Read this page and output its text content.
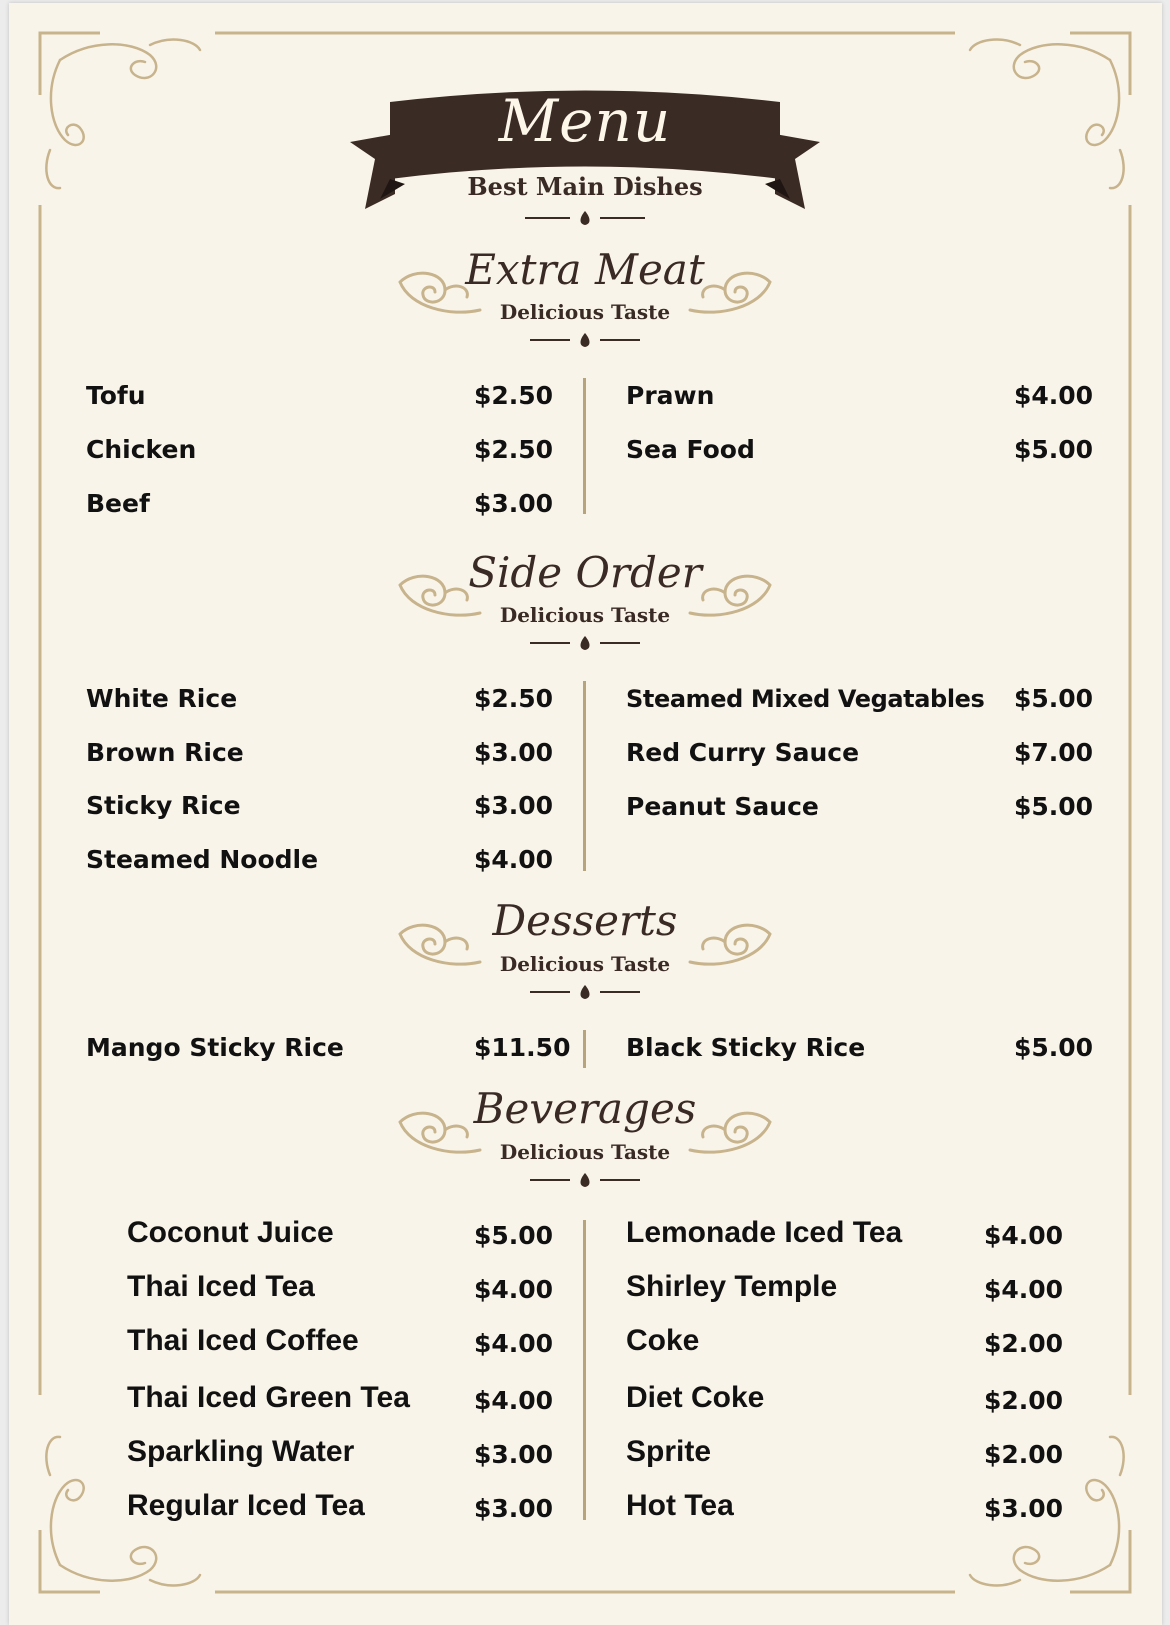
Menu
Best Main Dishes
Extra Meat
Delicious Taste
Tofu	$2.50
Chicken	$2.50
Beef	$3.00
Prawn	$4.00
Sea Food	$5.00
Side Order
Delicious Taste
White Rice	$2.50
Brown Rice	$3.00
Sticky Rice	$3.00
Steamed Noodle	$4.00
Steamed Mixed Vegatables $5.00
Red Curry Sauce	$7.00
Peanut Sauce	$5.00
Desserts
Delicious Taste
Mango Sticky Rice	$11.50 Black Sticky Rice	$5.00
Beverages
Delicious Taste
Coconut Juice	$5.00
Thai Iced Tea	$4.00
Thai Iced Coffee	$4.00
Thai Iced Green Tea	$4.00
Sparkling Water	$3.00
Regular Iced Tea	$3.00
Lemonade Iced Tea	$4.00
Shirley Temple	$4.00
Coke	$2.00
Diet Coke	$2.00
Sprite	$2.00
Hot Tea	$3.00
